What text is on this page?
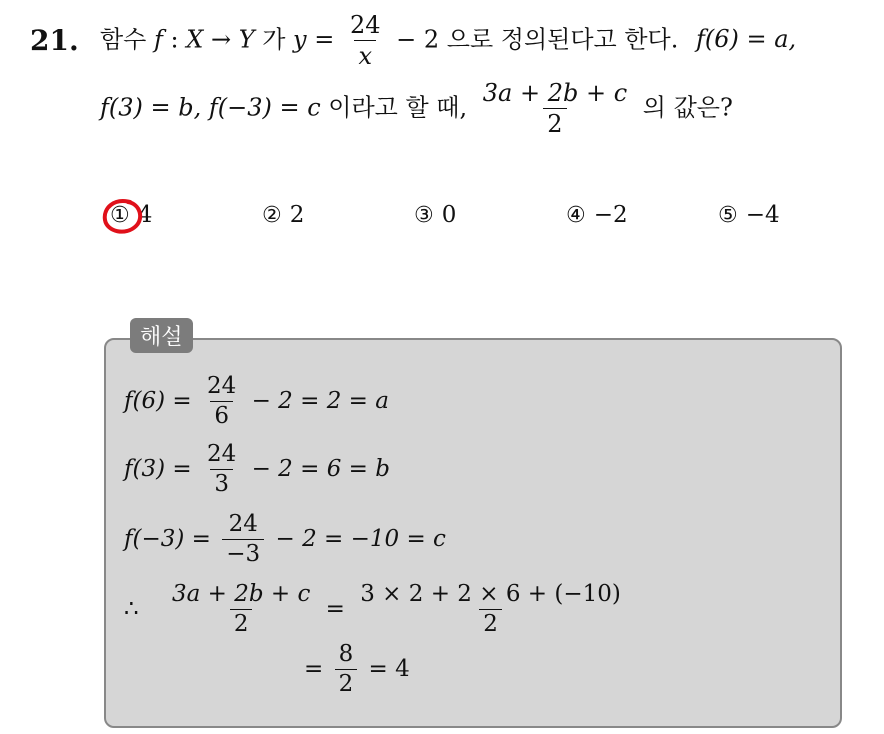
21. 함수 f : X → Y 가 $y = \frac{24}{x} - 2$ 으로 정의된다고 한다. f(6) = a,
f(3) = b, f(−3) = c 이라고 할 때, $\frac{3a + 2b + c}{2}$ 의 값은?
① 4	② 2	③ 0	④ −2	⑤ −4
해설
$f(6) = \frac{24}{6} - 2 = 2 = a$
$f(3) = \frac{24}{3} - 2 = 6 = b$
$f(-3) = \frac{24}{-3} - 2 = -10 = c$
∴ $\frac{3a + 2b + c}{2} = \frac{3 \times 2 + 2 \times 6 + (-10)}{2}$
= $\frac{8}{2} = 4$
